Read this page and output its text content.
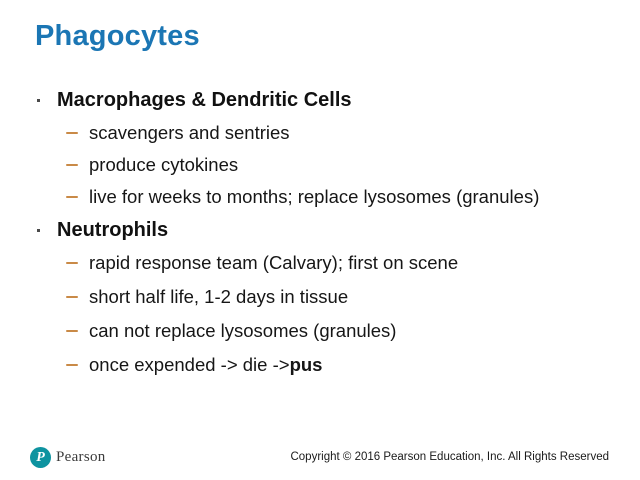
Phagocytes
Macrophages & Dendritic Cells
scavengers and sentries
produce cytokines
live for weeks to months; replace lysosomes (granules)
Neutrophils
rapid response team (Calvary); first on scene
short half life, 1-2 days in tissue
can not replace lysosomes (granules)
once expended -> die -> pus
P Pearson	Copyright © 2016 Pearson Education, Inc. All Rights Reserved
